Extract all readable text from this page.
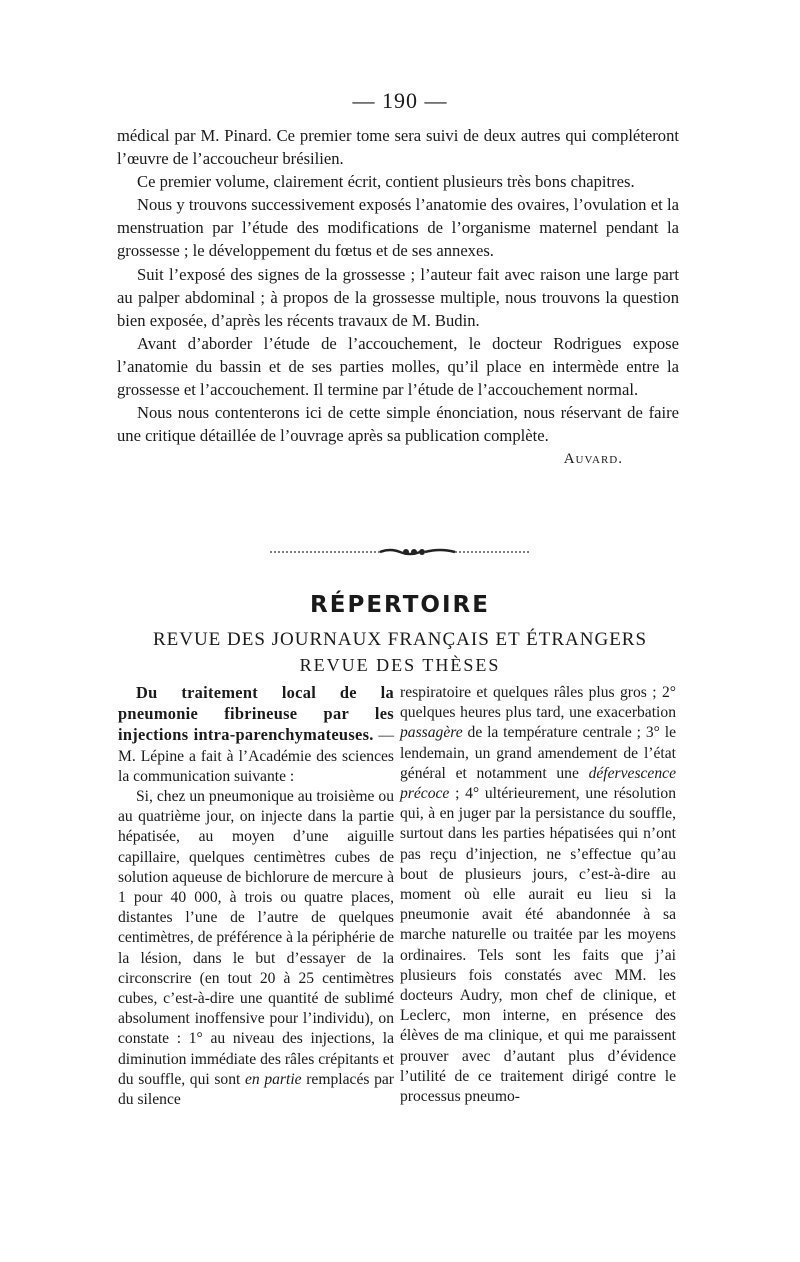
— 190 —

médical par M. Pinard. Ce premier tome sera suivi de deux autres qui compléteront l’œuvre de l’accoucheur brésilien.

Ce premier volume, clairement écrit, contient plusieurs très bons chapitres.

Nous y trouvons successivement exposés l’anatomie des ovaires, l’ovulation et la menstruation par l’étude des modifications de l’organisme maternel pendant la grossesse ; le développement du fœtus et de ses annexes.

Suit l’exposé des signes de la grossesse ; l’auteur fait avec raison une large part au palper abdominal ; à propos de la grossesse multiple, nous trouvons la question bien exposée, d’après les récents travaux de M. Budin.

Avant d’aborder l’étude de l’accouchement, le docteur Rodrigues expose l’anatomie du bassin et de ses parties molles, qu’il place en intermède entre la grossesse et l’accouchement. Il termine par l’étude de l’accouchement normal.

Nous nous contenterons ici de cette simple énonciation, nous réservant de faire une critique détaillée de l’ouvrage après sa publication complète.

Auvard.
RÉPERTOIRE
REVUE DES JOURNAUX FRANÇAIS ET ÉTRANGERS
REVUE DES THÈSES

Du traitement local de la pneumonie fibrineuse par les injections intra-parenchymateuses. — M. Lépine a fait à l’Académie des sciences la communication suivante :

Si, chez un pneumonique au troisième ou au quatrième jour, on injecte dans la partie hépatisée, au moyen d’une aiguille capillaire, quelques centimètres cubes de solution aqueuse de bichlorure de mercure à 1 pour 40 000, à trois ou quatre places, distantes l’une de l’autre de quelques centimètres, de préférence à la périphérie de la lésion, dans le but d’essayer de la circonscrire (en tout 20 à 25 centimètres cubes, c’est-à-dire une quantité de sublimé absolument inoffensive pour l’individu), on constate : 1° au niveau des injections, la diminution immédiate des râles crépitants et du souffle, qui sont en partie remplacés par du silence

respiratoire et quelques râles plus gros ; 2° quelques heures plus tard, une exacerbation passagère de la température centrale ; 3° le lendemain, un grand amendement de l’état général et notamment une défervescence précoce ; 4° ultérieurement, une résolution qui, à en juger par la persistance du souffle, surtout dans les parties hépatisées qui n’ont pas reçu d’injection, ne s’effectue qu’au bout de plusieurs jours, c’est-à-dire au moment où elle aurait eu lieu si la pneumonie avait été abandonnée à sa marche naturelle ou traitée par les moyens ordinaires. Tels sont les faits que j’ai plusieurs fois constatés avec MM. les docteurs Audry, mon chef de clinique, et Leclerc, mon interne, en présence des élèves de ma clinique, et qui me paraissent prouver avec d’autant plus d’évidence l’utilité de ce traitement dirigé contre le processus pneumo-
